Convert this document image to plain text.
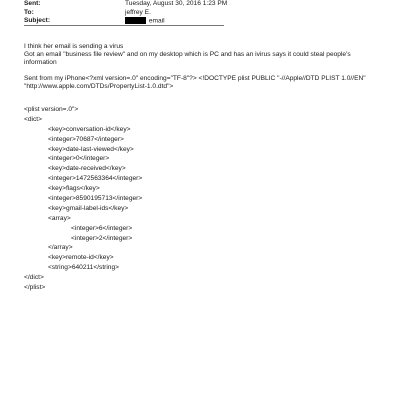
Sent:	Tuesday, August 30, 2016 1:23 PM
To:	jeffrey E.
Subject:	email

I think her email is sending a virus

Got an email "business file review" and on my desktop which is PC and has an ivirus says it could steal people's

information

Sent from my iPhone<?xml version=.0" encoding="TF-8"?> <!DOCTYPE plist PUBLIC "-//Apple//DTD PLIST 1.0//EN"

"http://www.apple.com/DTDs/PropertyList-1.0.dtd">

<plist version=.0">
<dict>
<key>conversation-id</key>
<integer>70687</integer>
<key>date-last-viewed</key>
<integer>0</integer>
<key>date-received</key>
<integer>1472563364</integer>
<key>flags</key>
<integer>8590195713</integer>
<key>gmail-label-ids</key>
<array>
<integer>6</integer>
<integer>2</integer>
</array>
<key>remote-id</key>
<string>640211</string>
</dict>
</plist>
